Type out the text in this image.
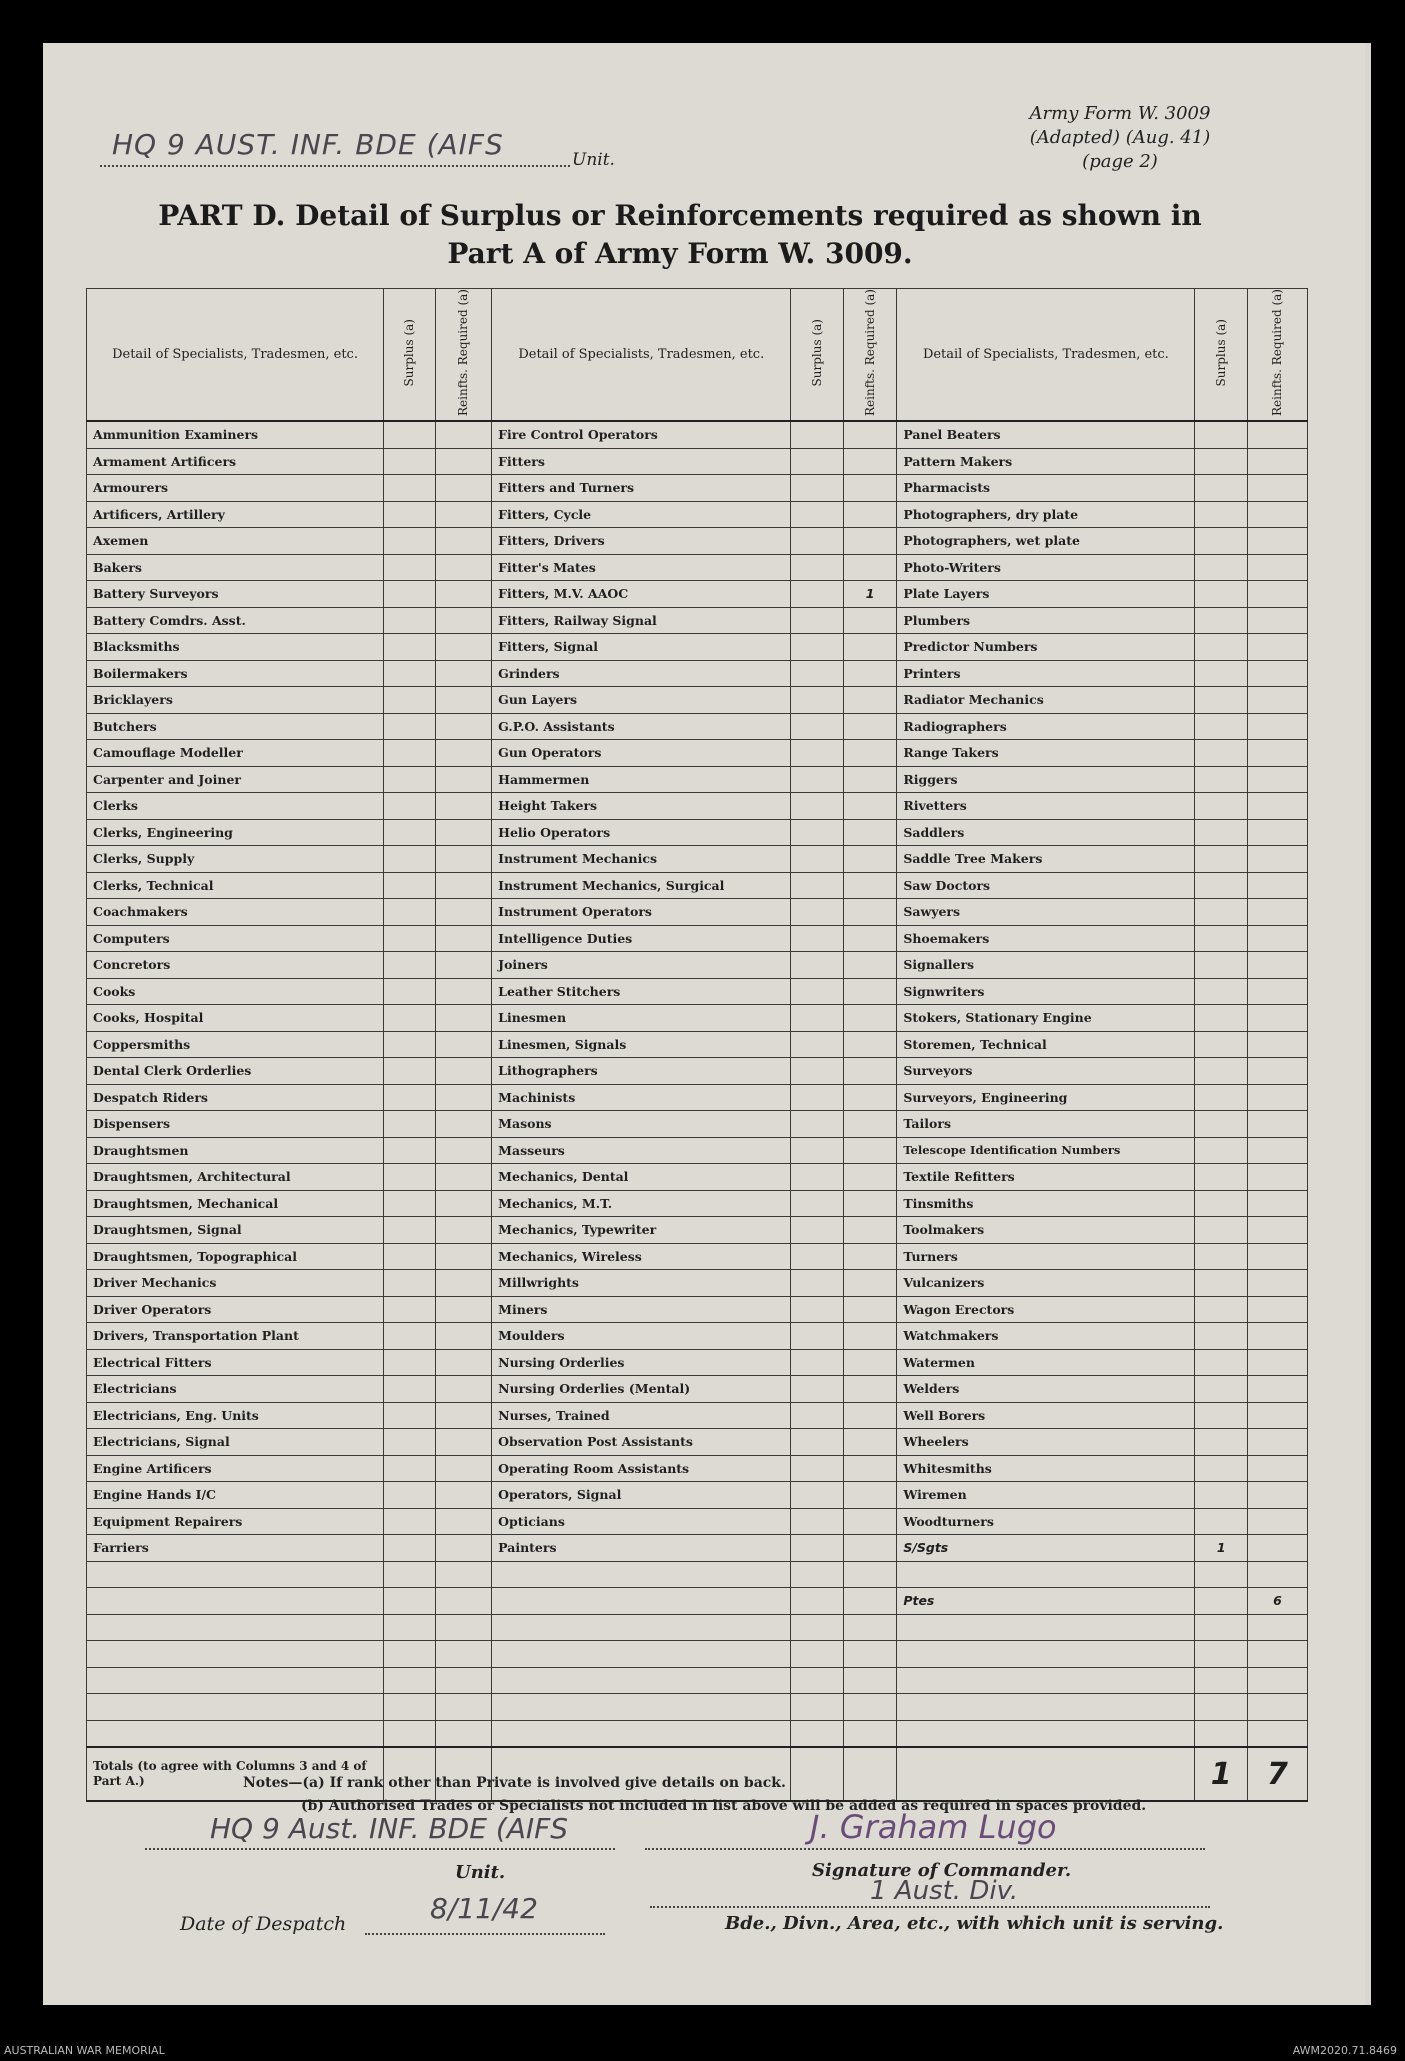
HQ 9 AUST. INF. BDE (AIFS	Unit.
Army Form W. 3009
(Adapted) (Aug. 41)
(page 2)
PART D. Detail of Surplus or Reinforcements required as shown in
Part A of Army Form W. 3009.
Detail of Specialists, Tradesmen, etc.	Surplus (a)	Reinfts. Required (a)	Detail of Specialists, Tradesmen, etc.	Surplus (a)	Reinfts. Required (a)	Detail of Specialists, Tradesmen, etc.	Surplus (a)	Reinfts. Required (a)
Ammunition Examiners			Fire Control Operators			Panel Beaters		
Armament Artificers			Fitters			Pattern Makers		
Armourers			Fitters and Turners			Pharmacists		
Artificers, Artillery			Fitters, Cycle			Photographers, dry plate		
Axemen			Fitters, Drivers			Photographers, wet plate		
Bakers			Fitter's Mates			Photo-Writers		
Battery Surveyors			Fitters, M.V. AAOC		1	Plate Layers		
Battery Comdrs. Asst.			Fitters, Railway Signal			Plumbers		
Blacksmiths			Fitters, Signal			Predictor Numbers		
Boilermakers			Grinders			Printers		
Bricklayers			Gun Layers			Radiator Mechanics		
Butchers			G.P.O. Assistants			Radiographers		
Camouflage Modeller			Gun Operators			Range Takers		
Carpenter and Joiner			Hammermen			Riggers		
Clerks			Height Takers			Rivetters		
Clerks, Engineering			Helio Operators			Saddlers		
Clerks, Supply			Instrument Mechanics			Saddle Tree Makers		
Clerks, Technical			Instrument Mechanics, Surgical			Saw Doctors		
Coachmakers			Instrument Operators			Sawyers		
Computers			Intelligence Duties			Shoemakers		
Concretors			Joiners			Signallers		
Cooks			Leather Stitchers			Signwriters		
Cooks, Hospital			Linesmen			Stokers, Stationary Engine		
Coppersmiths			Linesmen, Signals			Storemen, Technical		
Dental Clerk Orderlies			Lithographers			Surveyors		
Despatch Riders			Machinists			Surveyors, Engineering		
Dispensers			Masons			Tailors		
Draughtsmen			Masseurs			Telescope Identification Numbers		
Draughtsmen, Architectural			Mechanics, Dental			Textile Refitters		
Draughtsmen, Mechanical			Mechanics, M.T.			Tinsmiths		
Draughtsmen, Signal			Mechanics, Typewriter			Toolmakers		
Draughtsmen, Topographical			Mechanics, Wireless			Turners		
Driver Mechanics			Millwrights			Vulcanizers		
Driver Operators			Miners			Wagon Erectors		
Drivers, Transportation Plant			Moulders			Watchmakers		
Electrical Fitters			Nursing Orderlies			Watermen		
Electricians			Nursing Orderlies (Mental)			Welders		
Electricians, Eng. Units			Nurses, Trained			Well Borers		
Electricians, Signal			Observation Post Assistants			Wheelers		
Engine Artificers			Operating Room Assistants			Whitesmiths		
Engine Hands I/C			Operators, Signal			Wiremen		
Equipment Repairers			Opticians			Woodturners		
Farriers			Painters			S/Sgts	1	

						Ptes		6

Totals (to agree with Columns 3 and 4 of Part A.)							1	7
Notes—(a) If rank other than Private is involved give details on back.
(b) Authorised Trades or Specialists not included in list above will be added as required in spaces provided.
HQ 9 Aust. INF. BDE (AIFS
Unit.
J. Graham Lugo
Signature of Commander.
Date of Despatch	8/11/42
1 Aust. Div.
Bde., Divn., Area, etc., with which unit is serving.
AUSTRALIAN WAR MEMORIAL	AWM2020.71.8469
